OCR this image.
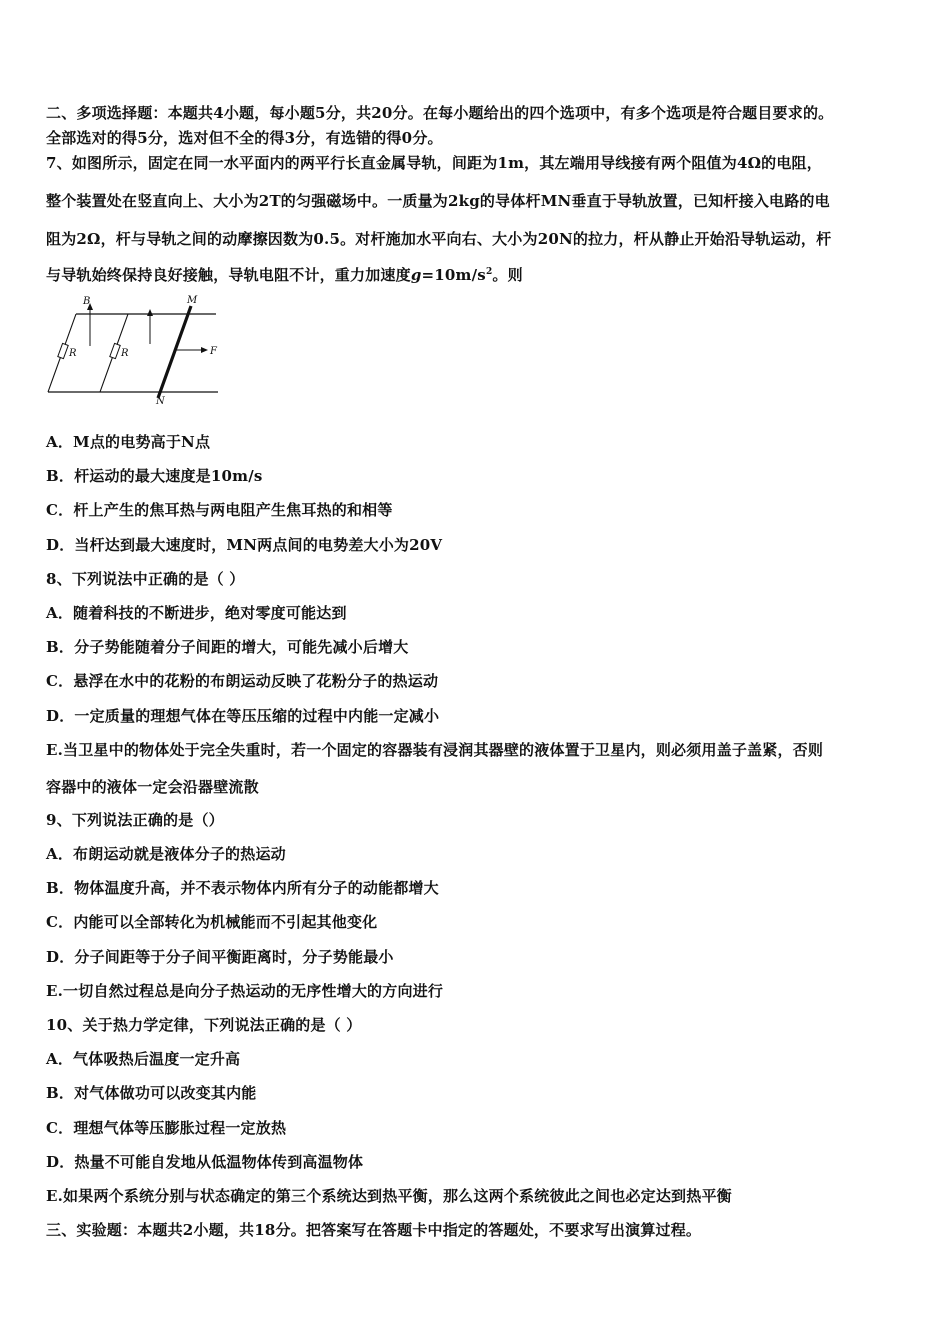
二、多项选择题：本题共4小题，每小题5分，共20分。在每小题给出的四个选项中，有多个选项是符合题目要求的。
全部选对的得5分，选对但不全的得3分，有选错的得0分。
7、如图所示，固定在同一水平面内的两平行长直金属导轨，间距为1m，其左端用导线接有两个阻值为4Ω的电阻，
整个装置处在竖直向上、大小为2T的匀强磁场中。一质量为2kg的导体杆MN垂直于导轨放置，已知杆接入电路的电
阻为2Ω，杆与导轨之间的动摩擦因数为0.5。对杆施加水平向右、大小为20N的拉力，杆从静止开始沿导轨运动，杆
与导轨始终保持良好接触，导轨电阻不计，重力加速度$g=10m/s^2$。则
R	R
B	M
N
F
A．M点的电势高于N点
B．杆运动的最大速度是10m/s
C．杆上产生的焦耳热与两电阻产生焦耳热的和相等
D．当杆达到最大速度时，MN两点间的电势差大小为20V
8、下列说法中正确的是（ ）
A．随着科技的不断进步，绝对零度可能达到
B．分子势能随着分子间距的增大，可能先减小后增大
C．悬浮在水中的花粉的布朗运动反映了花粉分子的热运动
D．一定质量的理想气体在等压压缩的过程中内能一定减小
E.当卫星中的物体处于完全失重时，若一个固定的容器装有浸润其器壁的液体置于卫星内，则必须用盖子盖紧，否则
容器中的液体一定会沿器壁流散
9、下列说法正确的是（）
A．布朗运动就是液体分子的热运动
B．物体温度升高，并不表示物体内所有分子的动能都增大
C．内能可以全部转化为机械能而不引起其他变化
D．分子间距等于分子间平衡距离时，分子势能最小
E.一切自然过程总是向分子热运动的无序性增大的方向进行
10、关于热力学定律，下列说法正确的是（ ）
A．气体吸热后温度一定升高
B．对气体做功可以改变其内能
C．理想气体等压膨胀过程一定放热
D．热量不可能自发地从低温物体传到高温物体
E.如果两个系统分别与状态确定的第三个系统达到热平衡，那么这两个系统彼此之间也必定达到热平衡
三、实验题：本题共2小题，共18分。把答案写在答题卡中指定的答题处，不要求写出演算过程。
